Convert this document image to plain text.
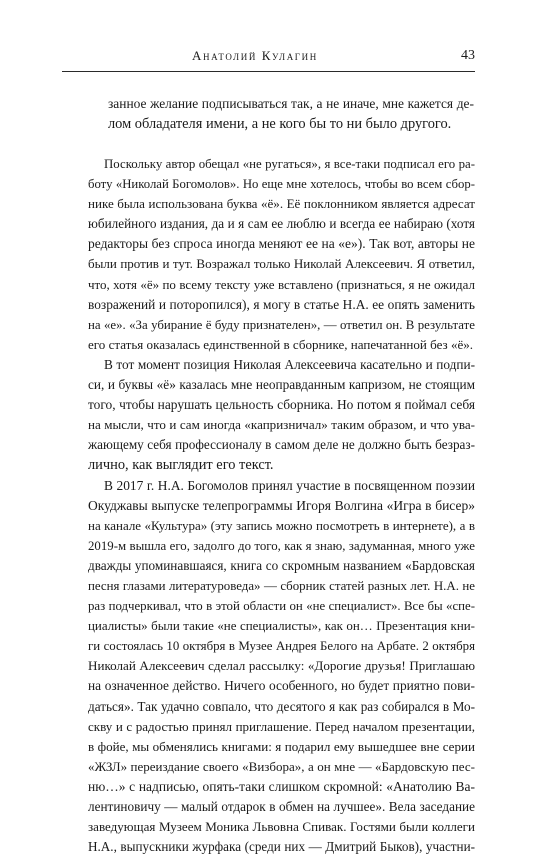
Анатолий Кулагин	43
занное желание подписываться так, а не иначе, мне кажется де-
лом обладателя имени, а не кого бы то ни было другого.
Поскольку автор обещал «не ругаться», я все-таки подписал его ра-
боту «Николай Богомолов». Но еще мне хотелось, чтобы во всем сбор-
нике была использована буква «ё». Её поклонником является адресат
юбилейного издания, да и я сам ее люблю и всегда ее набираю (хотя
редакторы без спроса иногда меняют ее на «е»). Так вот, авторы не
были против и тут. Возражал только Николай Алексеевич. Я ответил,
что, хотя «ё» по всему тексту уже вставлено (признаться, я не ожидал
возражений и поторопился), я могу в статье Н.А. ее опять заменить
на «е». «За убирание ё буду признателен», — ответил он. В результате
его статья оказалась единственной в сборнике, напечатанной без «ё».
В тот момент позиция Николая Алексеевича касательно и подпи-
си, и буквы «ё» казалась мне неоправданным капризом, не стоящим
того, чтобы нарушать цельность сборника. Но потом я поймал себя
на мысли, что и сам иногда «капризничал» таким образом, и что ува-
жающему себя профессионалу в самом деле не должно быть безраз-
лично, как выглядит его текст.
В 2017 г. Н.А. Богомолов принял участие в посвященном поэзии
Окуджавы выпуске телепрограммы Игоря Волгина «Игра в бисер»
на канале «Культура» (эту запись можно посмотреть в интернете), а в
2019-м вышла его, задолго до того, как я знаю, задуманная, много уже
дважды упоминавшаяся, книга со скромным названием «Бардовская
песня глазами литературоведа» — сборник статей разных лет. Н.А. не
раз подчеркивал, что в этой области он «не специалист». Все бы «спе-
циалисты» были такие «не специалисты», как он… Презентация кни-
ги состоялась 10 октября в Музее Андрея Белого на Арбате. 2 октября
Николай Алексеевич сделал рассылку: «Дорогие друзья! Приглашаю
на означенное действо. Ничего особенного, но будет приятно пови-
даться». Так удачно совпало, что десятого я как раз собирался в Мо-
скву и с радостью принял приглашение. Перед началом презентации,
в фойе, мы обменялись книгами: я подарил ему вышедшее вне серии
«ЖЗЛ» переиздание своего «Визбора», а он мне — «Бардовскую пес-
ню…» с надписью, опять-таки слишком скромной: «Анатолию Ва-
лентиновичу — малый отдарок в обмен на лучшее». Вела заседание
заведующая Музеем Моника Львовна Спивак. Гостями были коллеги
Н.А., выпускники журфака (среди них — Дмитрий Быков), участни-
